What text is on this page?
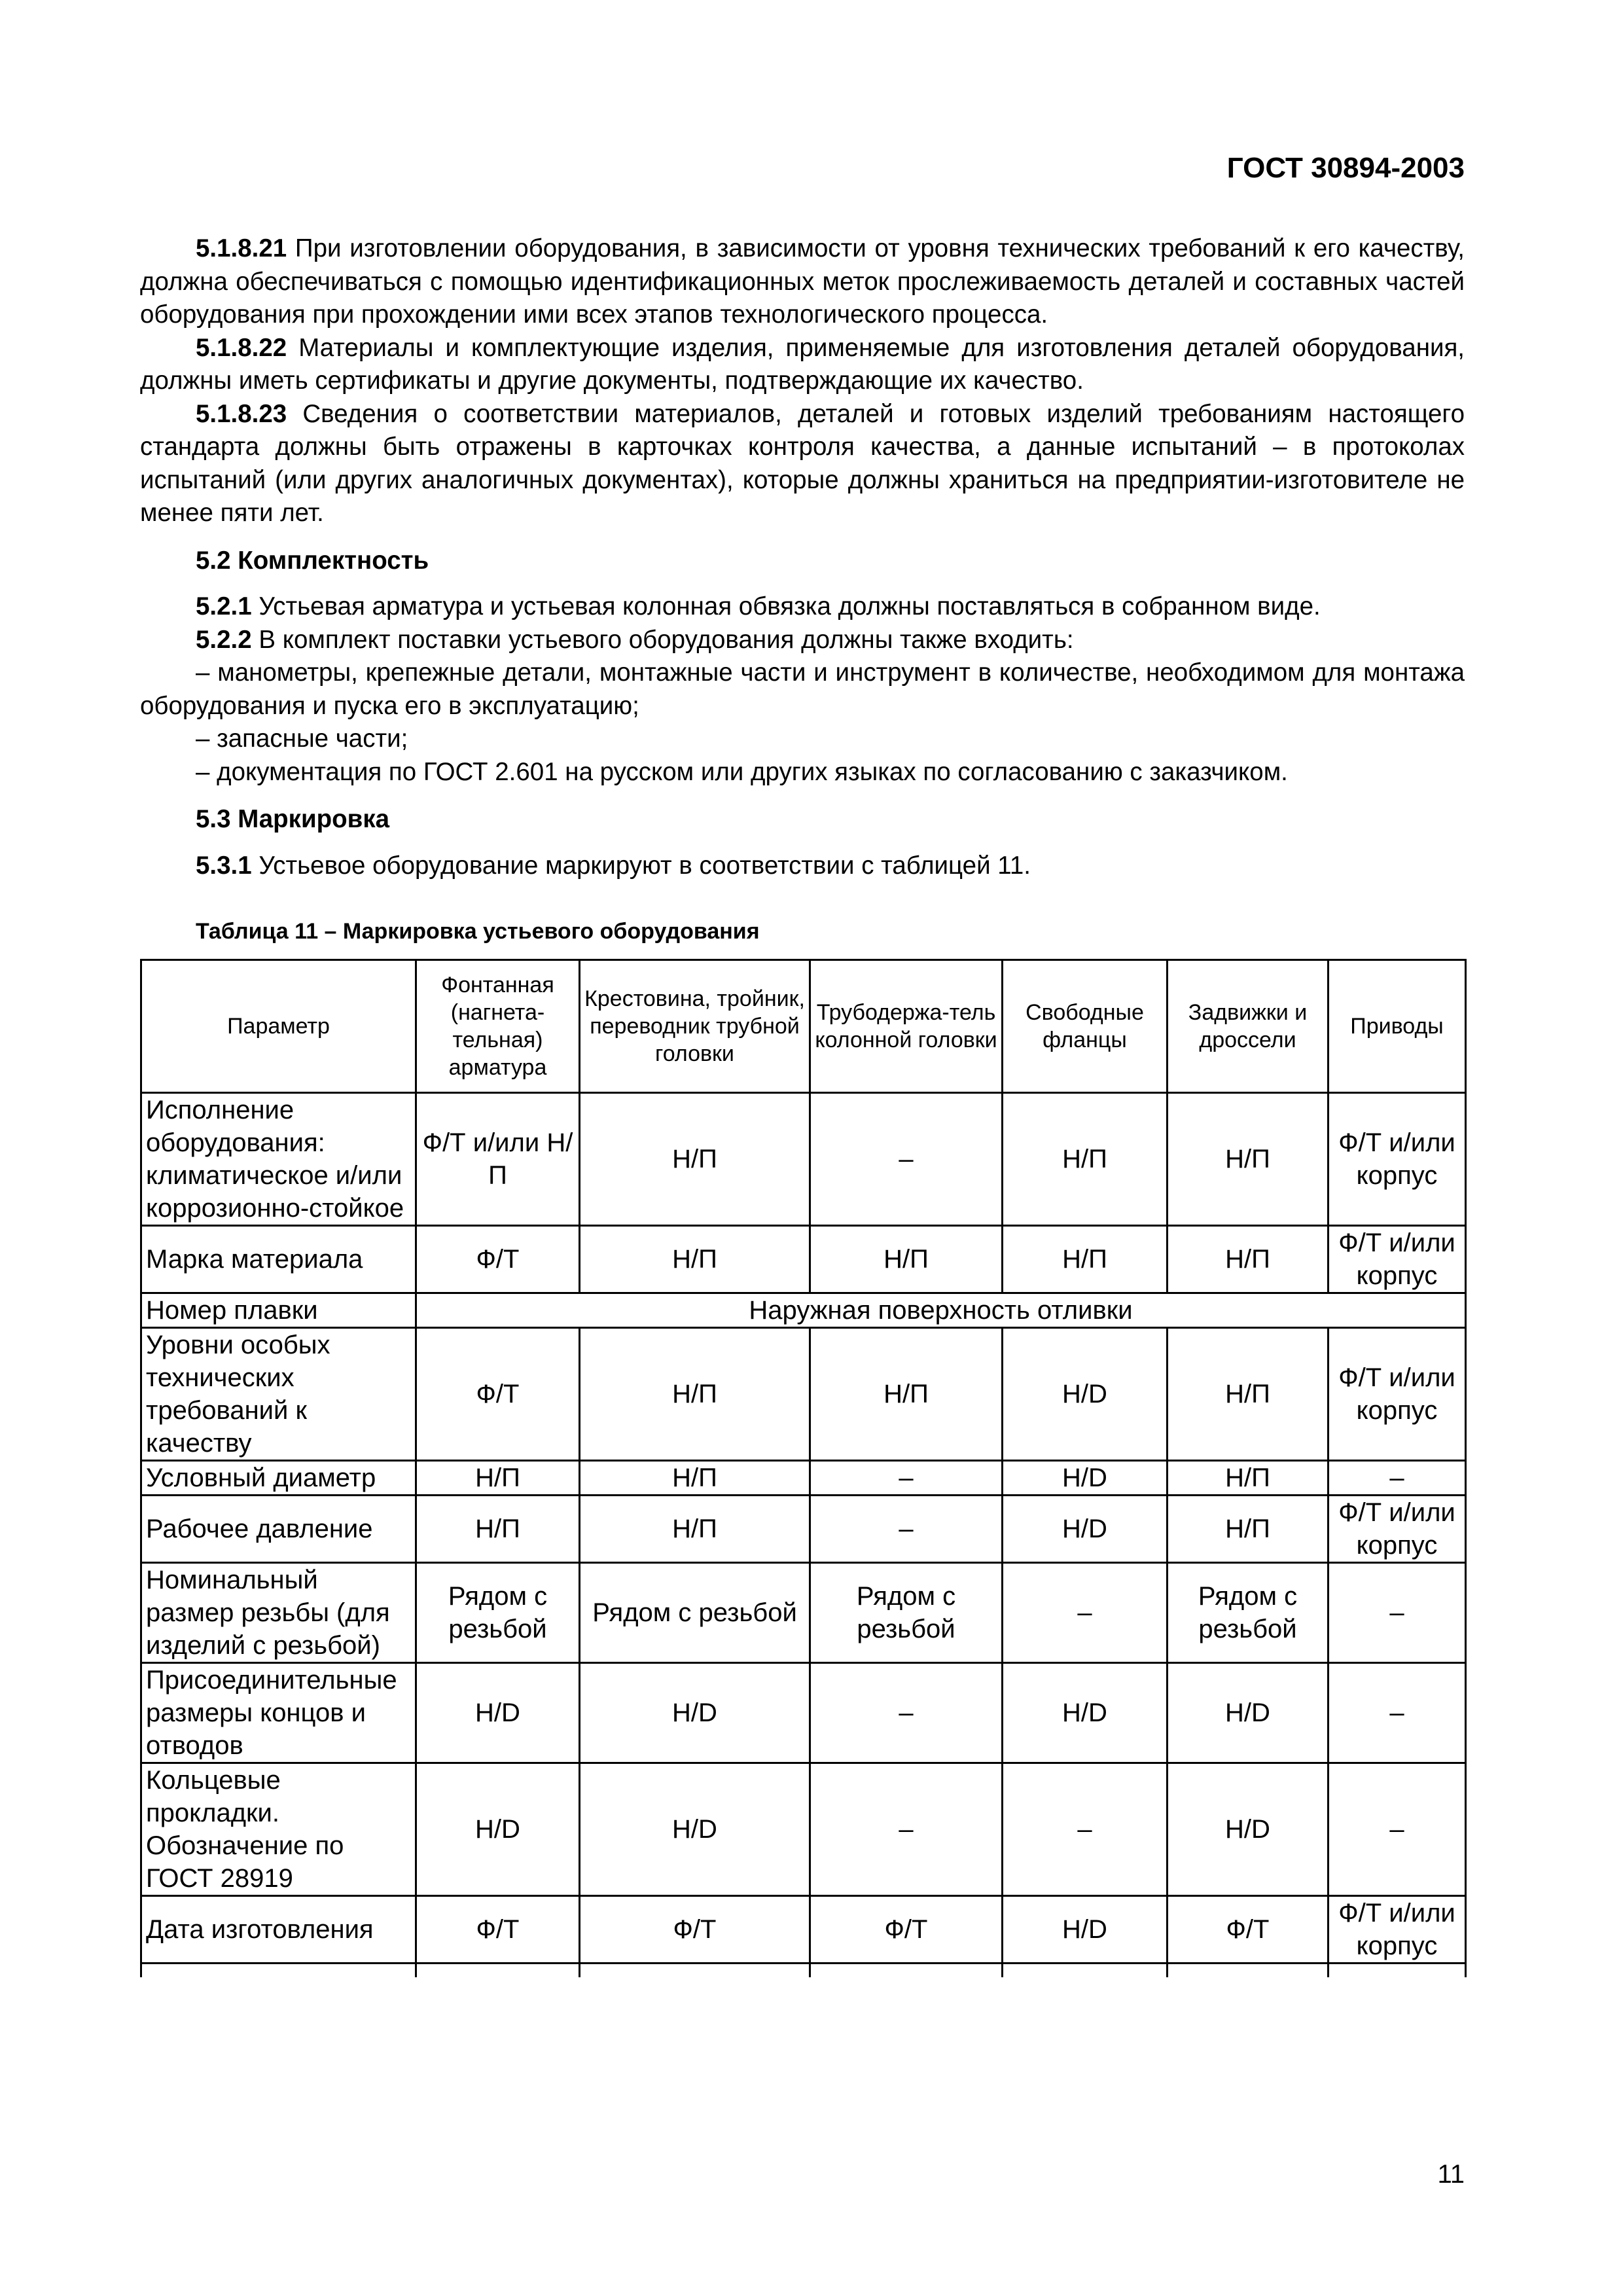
ГОСТ 30894-2003

5.1.8.21 При изготовлении оборудования, в зависимости от уровня технических требований к его качеству, должна обеспечиваться с помощью идентификационных меток прослеживаемость деталей и составных частей оборудования при прохождении ими всех этапов технологического процесса.

5.1.8.22 Материалы и комплектующие изделия, применяемые для изготовления деталей оборудования, должны иметь сертификаты и другие документы, подтверждающие их качество.

5.1.8.23 Сведения о соответствии материалов, деталей и готовых изделий требованиям настоящего стандарта должны быть отражены в карточках контроля качества, а данные испытаний – в протоколах испытаний (или других аналогичных документах), которые должны храниться на предприятии-изготовителе не менее пяти лет.

5.2 Комплектность

5.2.1 Устьевая арматура и устьевая колонная обвязка должны поставляться в собранном виде.

5.2.2 В комплект поставки устьевого оборудования должны также входить:

– манометры, крепежные детали, монтажные части и инструмент в количестве, необходимом для монтажа оборудования и пуска его в эксплуатацию;

– запасные части;

– документация по ГОСТ 2.601 на русском или других языках по согласованию с заказчиком.

5.3 Маркировка

5.3.1 Устьевое оборудование маркируют в соответствии с таблицей 11.

Таблица 11 – Маркировка устьевого оборудования

Параметр	Фонтанная (нагнета-тельная) арматура	Крестовина, тройник, переводник трубной головки	Трубодержа-тель колонной головки	Свободные фланцы	Задвижки и дроссели	Приводы
Исполнение оборудования: климатическое и/или коррозионно-стойкое	Ф/Т и/или Н/П	Н/П	–	Н/П	Н/П	Ф/Т и/или корпус
Марка материала	Ф/Т	Н/П	Н/П	Н/П	Н/П	Ф/Т и/или корпус
Номер плавки	Наружная поверхность отливки					
Уровни особых технических требований к качеству	Ф/Т	Н/П	Н/П	H/D	Н/П	Ф/Т и/или корпус
Условный диаметр	Н/П	Н/П	–	H/D	Н/П	–
Рабочее давление	Н/П	Н/П	–	H/D	Н/П	Ф/Т и/или корпус
Номинальный размер резьбы (для изделий с резьбой)	Рядом с резьбой	Рядом с резьбой	Рядом с резьбой	–	Рядом с резьбой	–
Присоединительные размеры концов и отводов	H/D	H/D	–	H/D	H/D	–
Кольцевые прокладки. Обозначение по ГОСТ 28919	H/D	H/D	–	–	H/D	–
Дата изготовления	Ф/Т	Ф/Т	Ф/Т	H/D	Ф/Т	Ф/Т и/или корпус

11
